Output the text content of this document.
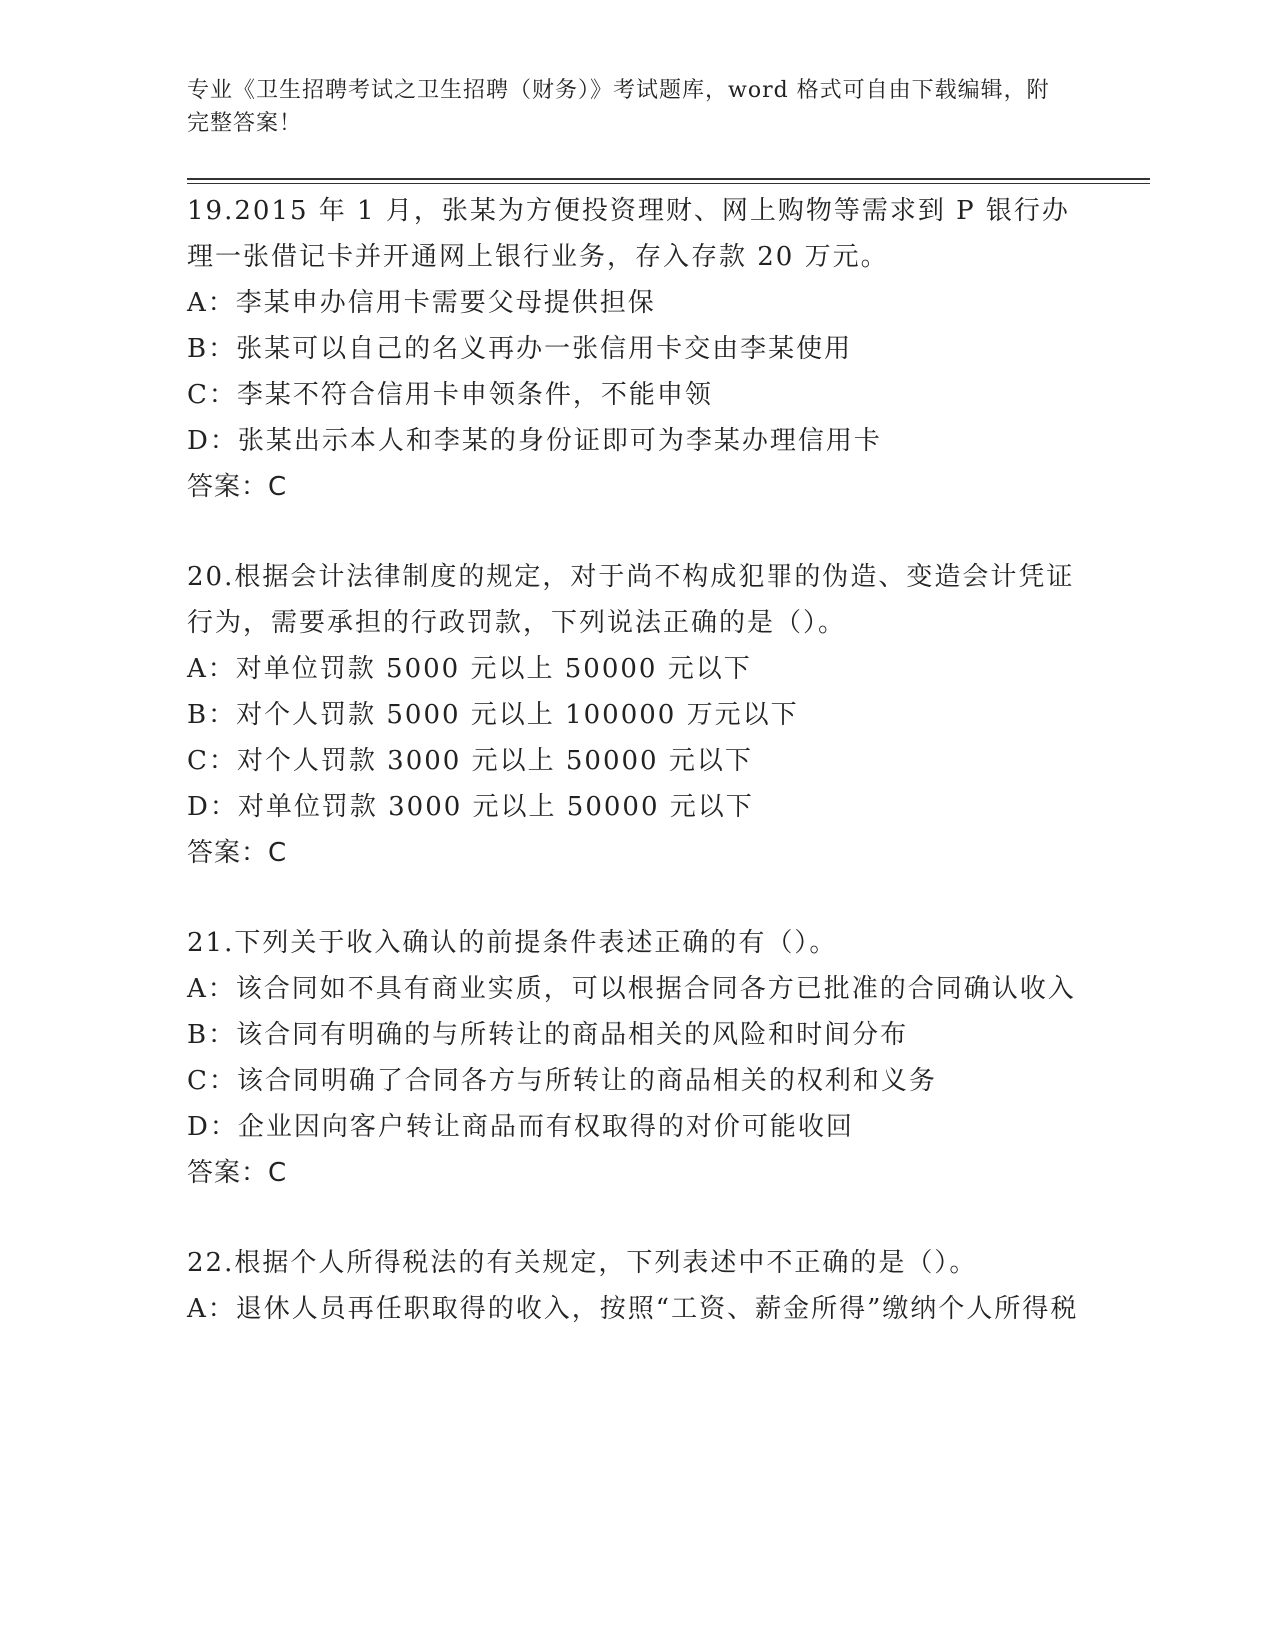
专业《卫生招聘考试之卫生招聘（财务）》考试题库，word 格式可自由下载编辑，附完整答案！
19.2015 年 1 月，张某为方便投资理财、网上购物等需求到 P 银行办理一张借记卡并开通网上银行业务，存入存款 20 万元。
A：李某申办信用卡需要父母提供担保
B：张某可以自己的名义再办一张信用卡交由李某使用
C：李某不符合信用卡申领条件，不能申领
D：张某出示本人和李某的身份证即可为李某办理信用卡
答案：C
20.根据会计法律制度的规定，对于尚不构成犯罪的伪造、变造会计凭证行为，需要承担的行政罚款，下列说法正确的是（）。
A：对单位罚款 5000 元以上 50000 元以下
B：对个人罚款 5000 元以上 100000 万元以下
C：对个人罚款 3000 元以上 50000 元以下
D：对单位罚款 3000 元以上 50000 元以下
答案：C
21.下列关于收入确认的前提条件表述正确的有（）。
A：该合同如不具有商业实质，可以根据合同各方已批准的合同确认收入
B：该合同有明确的与所转让的商品相关的风险和时间分布
C：该合同明确了合同各方与所转让的商品相关的权利和义务
D：企业因向客户转让商品而有权取得的对价可能收回
答案：C
22.根据个人所得税法的有关规定，下列表述中不正确的是（）。
A：退休人员再任职取得的收入，按照“工资、薪金所得”缴纳个人所得税
